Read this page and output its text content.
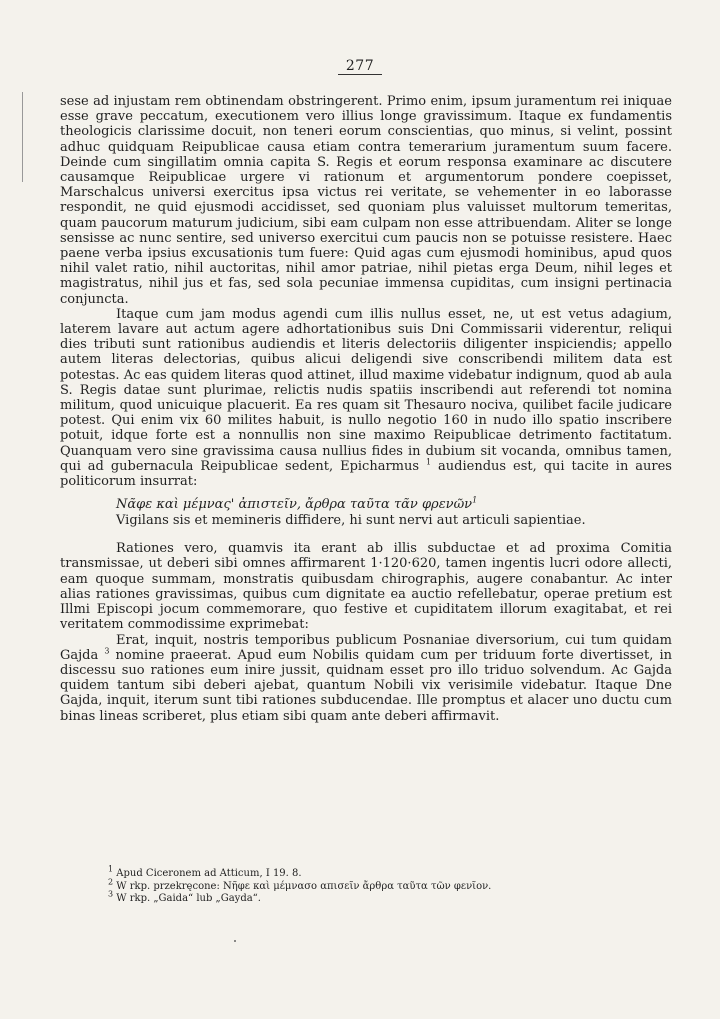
277

sese ad injustam rem obtinendam obstringerent. Primo enim, ipsum juramentum rei iniquae esse grave peccatum, executionem vero illius longe gravissimum. Itaque ex fundamentis theologicis clarissime docuit, non teneri eorum conscientias, quo minus, si velint, possint adhuc quidquam Reipublicae causa etiam contra temerarium juramentum suum facere. Deinde cum singillatim omnia capita S. Regis et eorum responsa examinare ac discutere causamque Reipublicae urgere vi rationum et argumentorum pondere coepisset, Marschalcus universi exercitus ipsa victus rei veritate, se vehementer in eo laborasse respondit, ne quid ejusmodi accidisset, sed quoniam plus valuisset multorum temeritas, quam paucorum maturum judicium, sibi eam culpam non esse attribuendam. Aliter se longe sensisse ac nunc sentire, sed universo exercitui cum paucis non se potuisse resistere. Haec paene verba ipsius excusationis tum fuere: Quid agas cum ejusmodi hominibus, apud quos nihil valet ratio, nihil auctoritas, nihil amor patriae, nihil pietas erga Deum, nihil leges et magistratus, nihil jus et fas, sed sola pecuniae immensa cupiditas, cum insigni pertinacia conjuncta.

Itaque cum jam modus agendi cum illis nullus esset, ne, ut est vetus adagium, laterem lavare aut actum agere adhortationibus suis Dni Commissarii viderentur, reliqui dies tributi sunt rationibus audiendis et literis delectoriis diligenter inspiciendis; appello autem literas delectorias, quibus alicui deligendi sive conscribendi militem data est potestas. Ac eas quidem literas quod attinet, illud maxime videbatur indignum, quod ab aula S. Regis datae sunt plurimae, relictis nudis spatiis inscribendi aut referendi tot nomina militum, quod unicuique placuerit. Ea res quam sit Thesauro nociva, quilibet facile judicare potest. Qui enim vix 60 milites habuit, is nullo negotio 160 in nudo illo spatio inscribere potuit, idque forte est a nonnullis non sine maximo Reipublicae detrimento factitatum. Quanquam vero sine gravissima causa nullius fides in dubium sit vocanda, omnibus tamen, qui ad gubernacula Reipublicae sedent, Epicharmus $^1$ audiendus est, qui tacite in aures politicorum insurrat:

Νᾶφε καὶ μέμνας' ἀπιστεῖν, ἄρθρα ταῦτα τᾶν φρενῶν$^1$
Vigilans sis et memineris diffidere, hi sunt nervi aut articuli sapientiae.

Rationes vero, quamvis ita erant ab illis subductae et ad proxima Comitia transmissae, ut deberi sibi omnes affirmarent 1·120·620, tamen ingentis lucri odore allecti, eam quoque summam, monstratis quibusdam chirographis, augere conabantur. Ac inter alias rationes gravissimas, quibus cum dignitate ea auctio refellebatur, operae pretium est Illmi Episcopi jocum commemorare, quo festive et cupiditatem illorum exagitabat, et rei veritatem commodissime exprimebat:

Erat, inquit, nostris temporibus publicum Posnaniae diversorium, cui tum quidam Gajda $^3$ nomine praeerat. Apud eum Nobilis quidam cum per triduum forte divertisset, in discessu suo rationes eum inire jussit, quidnam esset pro illo triduo solvendum. Ac Gajda quidem tantum sibi deberi ajebat, quantum Nobili vix verisimile videbatur. Itaque Dne Gajda, inquit, iterum sunt tibi rationes subducendae. Ille promptus et alacer uno ductu cum binas lineas scriberet, plus etiam sibi quam ante deberi affirmavit.

$^1$ Apud Ciceronem ad Atticum, I 19. 8.

$^2$ W rkp. przekręcone: Νῆφε καὶ μέμνασο απισεῖν ἄρθρα ταῦτα τῶν φενῖον.

$^3$ W rkp. „Gaida“ lub „Gayda“.
